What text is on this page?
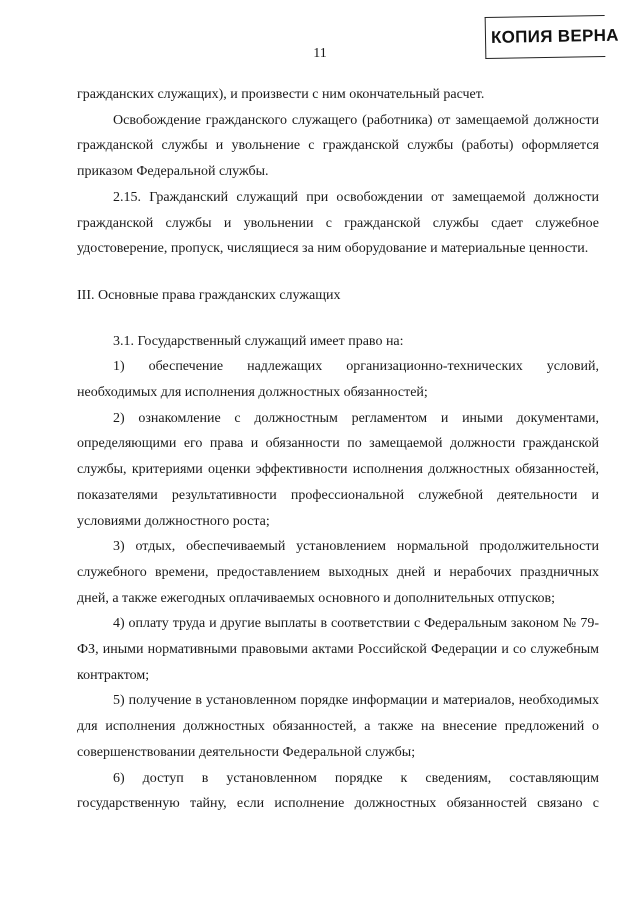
КОПИЯ ВЕРНА
11

гражданских служащих), и произвести с ним окончательный расчет.

Освобождение гражданского служащего (работника) от замещаемой должности гражданской службы и увольнение с гражданской службы (работы) оформляется приказом Федеральной службы.

2.15. Гражданский служащий при освобождении от замещаемой должности гражданской службы и увольнении с гражданской службы сдает служебное удостоверение, пропуск, числящиеся за ним оборудование и материальные ценности.

III. Основные права гражданских служащих

3.1. Государственный служащий имеет право на:

1) обеспечение надлежащих организационно-технических условий, необходимых для исполнения должностных обязанностей;

2) ознакомление с должностным регламентом и иными документами, определяющими его права и обязанности по замещаемой должности гражданской службы, критериями оценки эффективности исполнения должностных обязанностей, показателями результативности профессиональной служебной деятельности и условиями должностного роста;

3) отдых, обеспечиваемый установлением нормальной продолжительности служебного времени, предоставлением выходных дней и нерабочих праздничных дней, а также ежегодных оплачиваемых основного и дополнительных отпусков;

4) оплату труда и другие выплаты в соответствии с Федеральным законом № 79-ФЗ, иными нормативными правовыми актами Российской Федерации и со служебным контрактом;

5) получение в установленном порядке информации и материалов, необходимых для исполнения должностных обязанностей, а также на внесение предложений о совершенствовании деятельности Федеральной службы;

6) доступ в установленном порядке к сведениям, составляющим государственную тайну, если исполнение должностных обязанностей связано с
